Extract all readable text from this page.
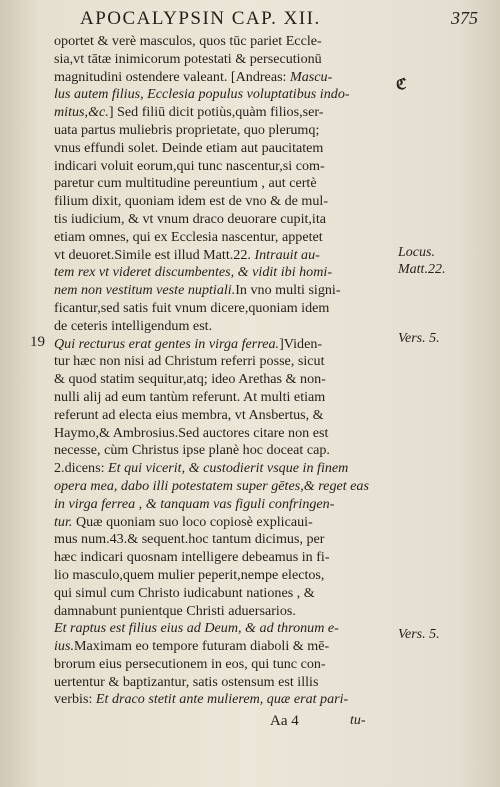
APOCALYPSIN CAP. XII.	375
ℭ
oportet & verè masculos, quos tūc pariet Eccle-
sia,vt tātæ inimicorum potestati & persecutionū
magnitudini ostendere valeant. [Andreas: Mascu-
lus autem filius, Ecclesia populus voluptatibus indo-
mitus,&c.] Sed filiū dicit potiùs,quàm filios,ser-
uata partus muliebris proprietate, quo plerumq;
vnus effundi solet. Deinde etiam aut paucitatem
indicari voluit eorum,qui tunc nascentur,si com-
paretur cum multitudine pereuntium , aut certè
filium dixit, quoniam idem est de vno & de mul-
tis iudicium, & vt vnum draco deuorare cupit,ita
etiam omnes, qui ex Ecclesia nascentur, appetet
vt deuoret.Simile est illud Matt.22. Intrauit au-
tem rex vt videret discumbentes, & vidit ibi homi-
nem non vestitum veste nuptiali.In vno multi signi-
ficantur,sed satis fuit vnum dicere,quoniam idem
de ceteris intelligendum est.
Qui recturus erat gentes in virga ferrea.]Viden-
tur hæc non nisi ad Christum referri posse, sicut
& quod statim sequitur,atq; ideo Arethas & non-
nulli alij ad eum tantùm referunt. At multi etiam
referunt ad electa eius membra, vt Ansbertus, &
Haymo,& Ambrosius.Sed auctores citare non est
necesse, cùm Christus ipse planè hoc doceat cap.
2.dicens: Et qui vicerit, & custodierit vsque in finem
opera mea, dabo illi potestatem super gētes,& reget eas
in virga ferrea , & tanquam vas figuli confringen-
tur. Quæ quoniam suo loco copiosè explicaui-
mus num.43.& sequent.hoc tantum dicimus, per
hæc indicari quosnam intelligere debeamus in fi-
lio masculo,quem mulier peperit,nempe electos,
qui simul cum Christo iudicabunt nationes , &
damnabunt punientque Christi aduersarios.
Et raptus est filius eius ad Deum, & ad thronum e-
ius.Maximam eo tempore futuram diaboli & mē-
brorum eius persecutionem in eos, qui tunc con-
uertentur & baptizantur, satis ostensum est illis
verbis: Et draco stetit ante mulierem, quæ erat pari-
19
Locus.
Matt.22.
Vers. 5.
Vers. 5.
Aa 4	tu-
